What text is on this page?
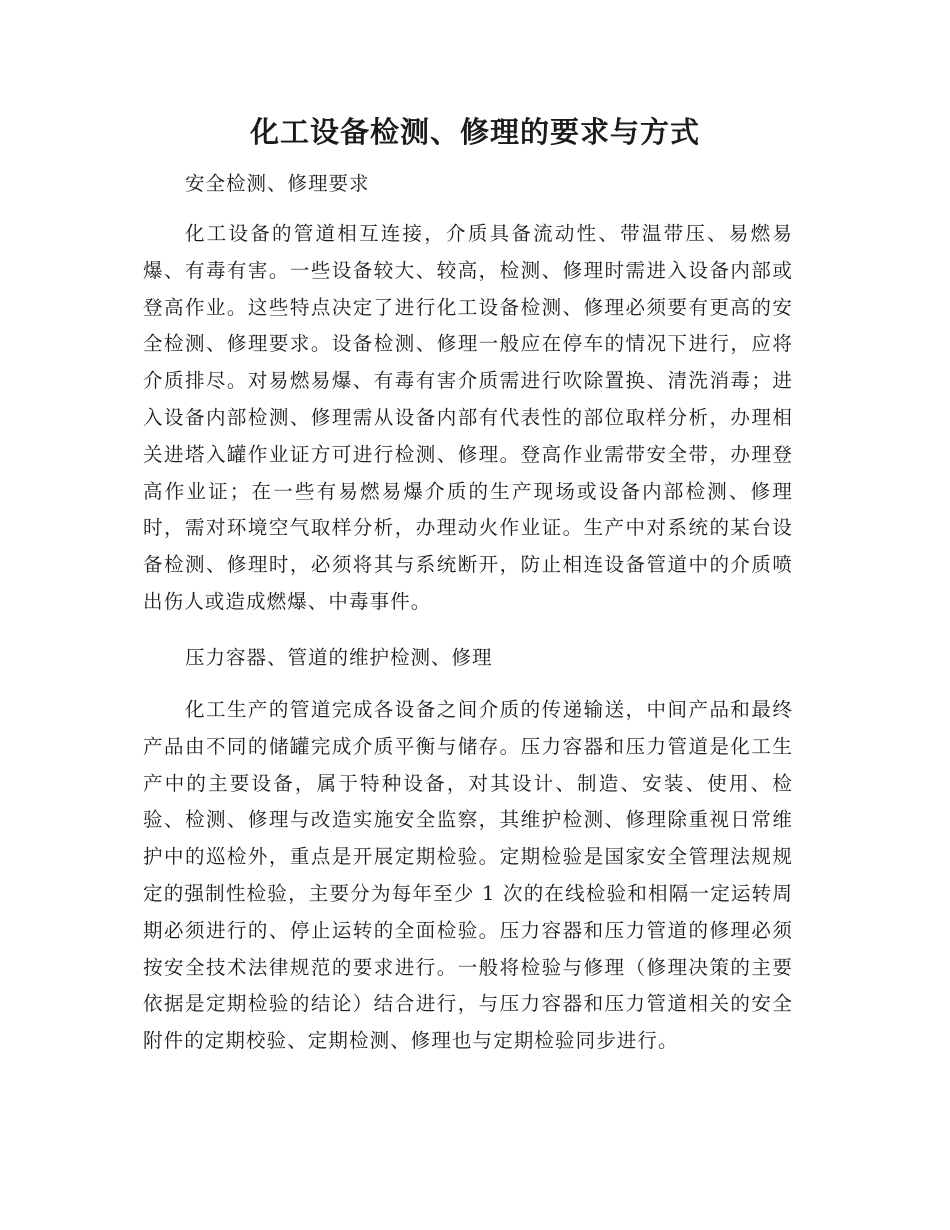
化工设备检测、修理的要求与方式

安全检测、修理要求

化工设备的管道相互连接，介质具备流动性、带温带压、易燃易爆、有毒有害。一些设备较大、较高，检测、修理时需进入设备内部或登高作业。这些特点决定了进行化工设备检测、修理必须要有更高的安全检测、修理要求。设备检测、修理一般应在停车的情况下进行，应将介质排尽。对易燃易爆、有毒有害介质需进行吹除置换、清洗消毒；进入设备内部检测、修理需从设备内部有代表性的部位取样分析，办理相关进塔入罐作业证方可进行检测、修理。登高作业需带安全带，办理登高作业证；在一些有易燃易爆介质的生产现场或设备内部检测、修理时，需对环境空气取样分析，办理动火作业证。生产中对系统的某台设备检测、修理时，必须将其与系统断开，防止相连设备管道中的介质喷出伤人或造成燃爆、中毒事件。

压力容器、管道的维护检测、修理

化工生产的管道完成各设备之间介质的传递输送，中间产品和最终产品由不同的储罐完成介质平衡与储存。压力容器和压力管道是化工生产中的主要设备，属于特种设备，对其设计、制造、安装、使用、检验、检测、修理与改造实施安全监察，其维护检测、修理除重视日常维护中的巡检外，重点是开展定期检验。定期检验是国家安全管理法规规定的强制性检验，主要分为每年至少 1 次的在线检验和相隔一定运转周期必须进行的、停止运转的全面检验。压力容器和压力管道的修理必须按安全技术法律规范的要求进行。一般将检验与修理（修理决策的主要依据是定期检验的结论）结合进行，与压力容器和压力管道相关的安全附件的定期校验、定期检测、修理也与定期检验同步进行。
